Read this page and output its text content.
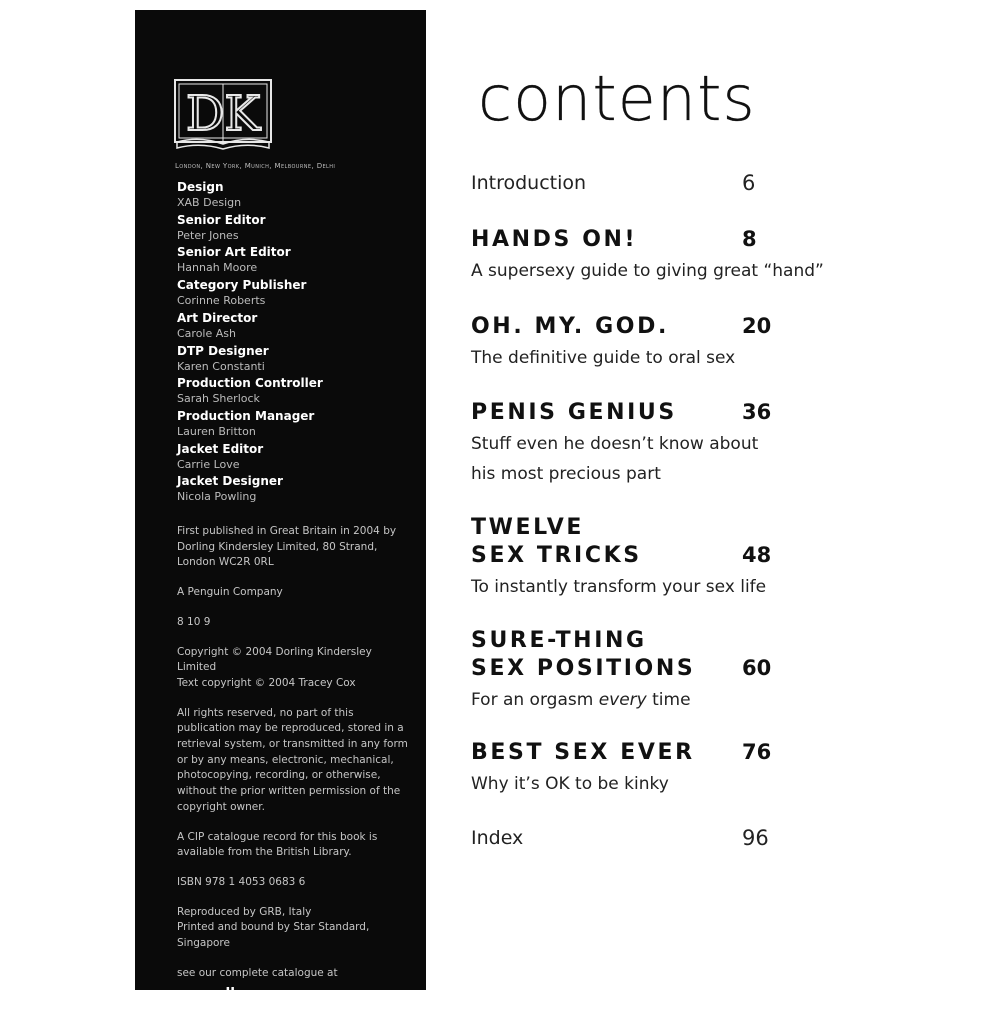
DK
London, New York, Munich, Melbourne, Delhi
Design
XAB Design
Senior Editor
Peter Jones
Senior Art Editor
Hannah Moore
Category Publisher
Corinne Roberts
Art Director
Carole Ash
DTP Designer
Karen Constanti
Production Controller
Sarah Sherlock
Production Manager
Lauren Britton
Jacket Editor
Carrie Love
Jacket Designer
Nicola Powling

First published in Great Britain in 2004 by Dorling Kindersley Limited, 80 Strand, London WC2R 0RL

A Penguin Company

8 10 9

Copyright © 2004 Dorling Kindersley Limited
Text copyright © 2004 Tracey Cox

All rights reserved, no part of this publication may be reproduced, stored in a retrieval system, or transmitted in any form or by any means, electronic, mechanical, photocopying, recording, or otherwise, without the prior written permission of the copyright owner.

A CIP catalogue record for this book is available from the British Library.

ISBN 978 1 4053 0683 6

Reproduced by GRB, Italy
Printed and bound by Star Standard, Singapore

see our complete catalogue at

www.dk.com

contents
Introduction	6
HANDS ON!	8
A supersexy guide to giving great “hand”
OH. MY. GOD.	20
The definitive guide to oral sex
PENIS GENIUS	36
Stuff even he doesn’t know about
his most precious part
TWELVE
SEX TRICKS	48
To instantly transform your sex life
SURE-THING
SEX POSITIONS 60
For an orgasm every time
BEST SEX EVER 76
Why it’s OK to be kinky
Index	96
